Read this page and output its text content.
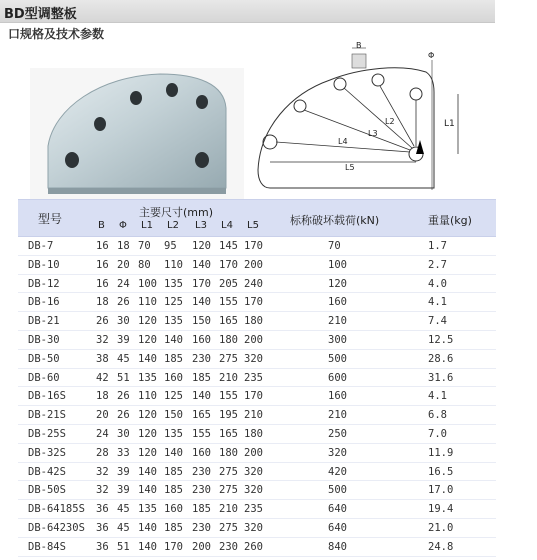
BD型调整板
口规格及技术参数
L1
L2
L3
L4
L5
B
Φ
型号	主要尺寸(mm)
B Φ L1 L2 L3 L4 L5	标称破坏载荷(kN)	重量(kg)
DB-7	16 18 70 95 120 145 170	70	1.7
DB-10	16 20 80 110 140 170 200	100	2.7
DB-12	16 24 100 135 170 205 240	120	4.0
DB-16	18 26 110 125 140 155 170	160	4.1
DB-21	26 30 120 135 150 165 180	210	7.4
DB-30	32 39 120 140 160 180 200	300	12.5
DB-50	38 45 140 185 230 275 320	500	28.6
DB-60	42 51 135 160 185 210 235	600	31.6
DB-16S	18 26 110 125 140 155 170	160	4.1
DB-21S	20 26 120 150 165 195 210	210	6.8
DB-25S	24 30 120 135 155 165 180	250	7.0
DB-32S	28 33 120 140 160 180 200	320	11.9
DB-42S	32 39 140 185 230 275 320	420	16.5
DB-50S	32 39 140 185 230 275 320	500	17.0
DB-64185S 36 45 135 160 185 210 235	640	19.4
DB-64230S 36 45 140 185 230 275 320	640	21.0
DB-84S	36 51 140 170 200 230 260	840	24.8
